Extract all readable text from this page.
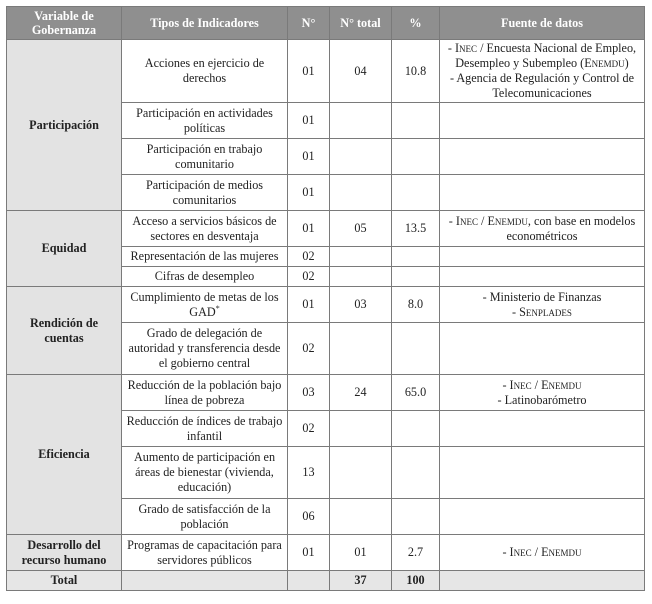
Variable de Gobernanza	Tipos de Indicadores	N°	N° total	%	Fuente de datos
Participación	Acciones en ejercicio de derechos	01	04	10.8	- Inec / Encuesta Nacional de Empleo, Desempleo y Subempleo (Enemdu)
- Agencia de Regulación y Control de Telecomunicaciones

	Participación en actividades políticas	01			
	Participación en trabajo comunitario	01			
	Participación de medios comunitarios	01			
Equidad	Acceso a servicios básicos de sectores en desventaja	01	05	13.5	- Inec / Enemdu, con base en modelos econométricos

	Representación de las mujeres	02			
	Cifras de desempleo	02			
Rendición de cuentas	Cumplimiento de metas de los GAD*	01	03	8.0	- Ministerio de Finanzas
- Senplades

	Grado de delegación de autoridad y transferencia desde el gobierno central	02			
Eficiencia	Reducción de la población bajo línea de pobreza	03	24	65.0	- Inec / Enemdu
- Latinobarómetro

	Reducción de índices de trabajo infantil	02			
	Aumento de participación en áreas de bienestar (vivienda, educación)	13			
	Grado de satisfacción de la población	06			
Desarrollo del recurso humano	Programas de capacitación para servidores públicos	01	01	2.7	- Inec / Enemdu

Total			37	100	
